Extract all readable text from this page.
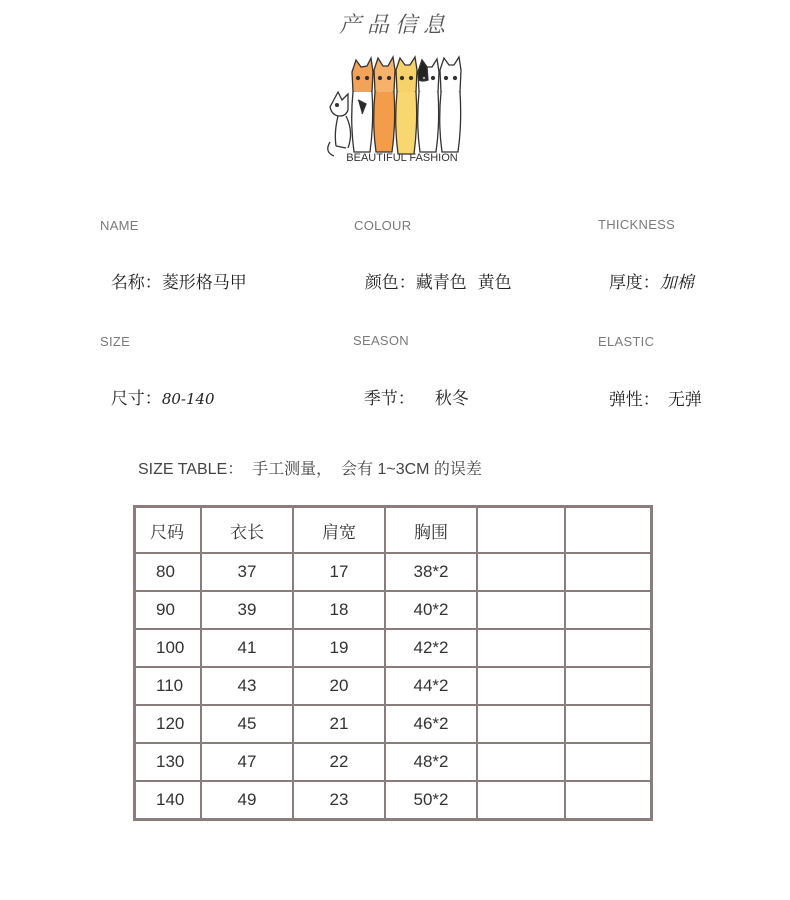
产品信息
BEAUTIFUL FASHION
NAME

名称：菱形格马甲

COLOUR

颜色：藏青色  黄色

THICKNESS

厚度：加棉

SIZE

尺寸：80-140

SEASON

季节： 秋冬

ELASTIC

弹性： 无弹

SIZE TABLE：  手工测量，  会有 1~3CM 的误差
尺码	衣长	肩宽	胸围		
80	37	17	38*2		
90	39	18	40*2		
100	41	19	42*2		
110	43	20	44*2		
120	45	21	46*2		
130	47	22	48*2		
140	49	23	50*2		
